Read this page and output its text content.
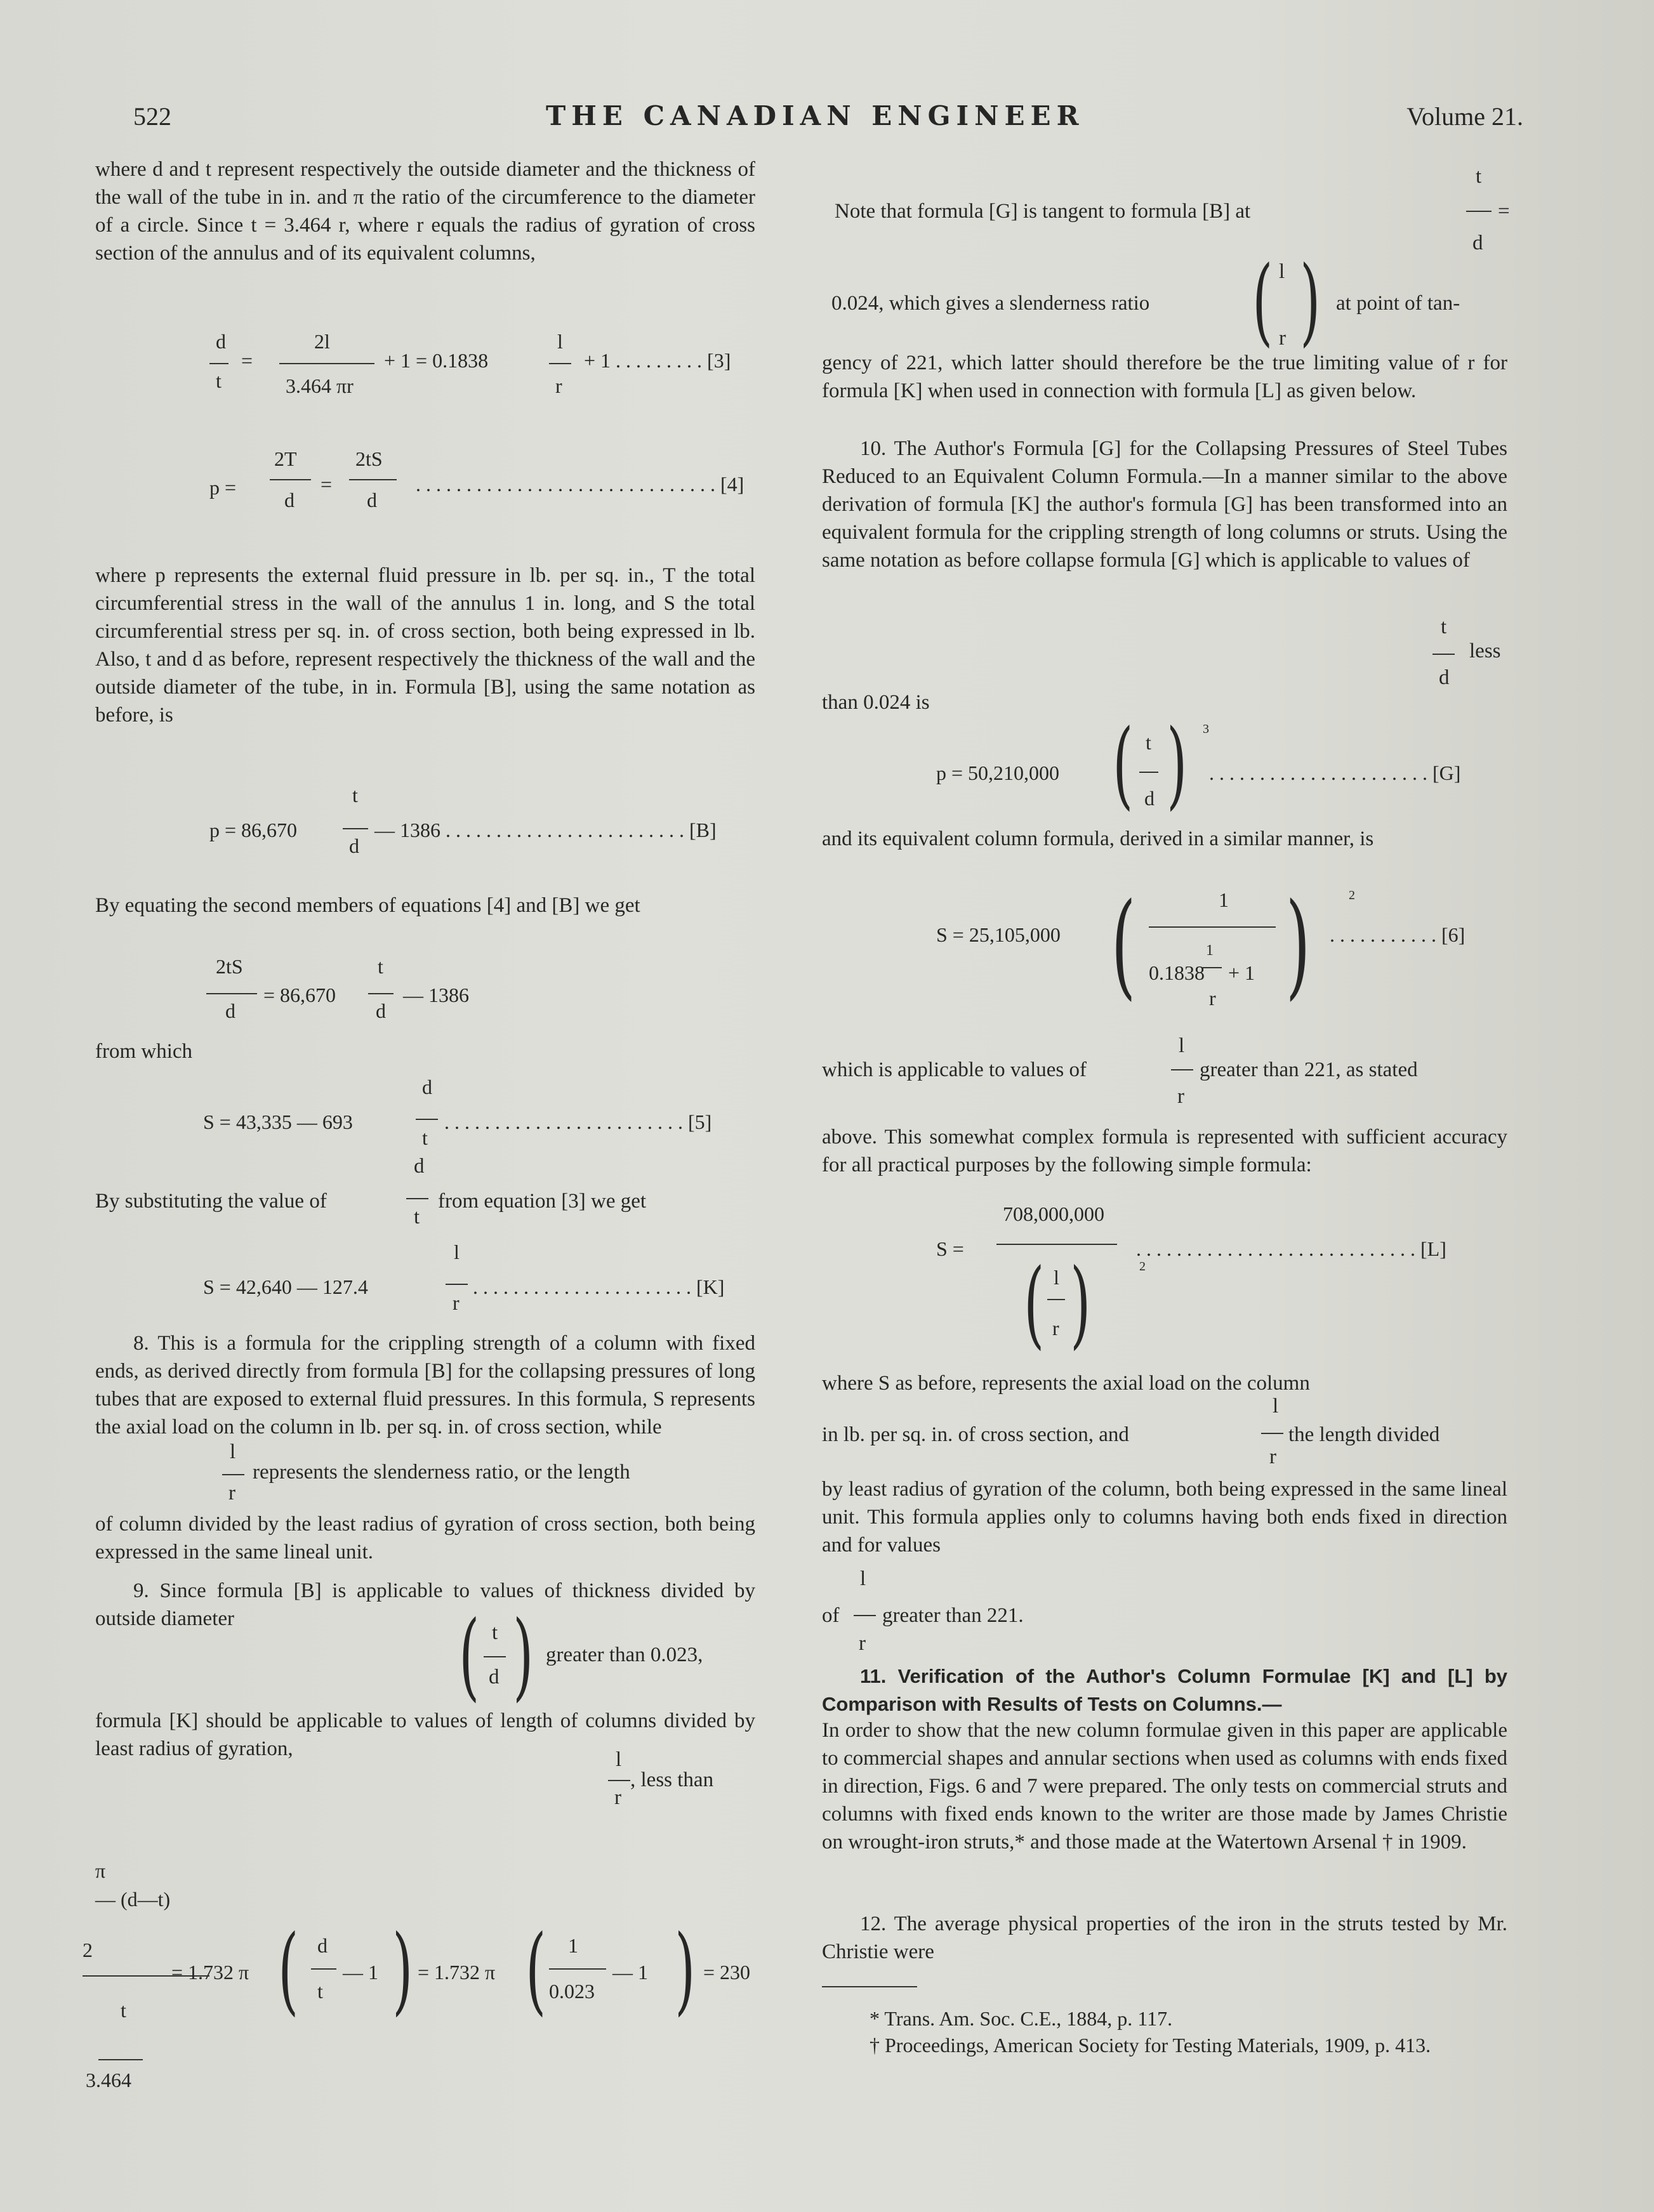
522	THE CANADIAN ENGINEER	Volume 21.

where d and t represent respectively the outside diameter and the thickness of the wall of the tube in in. and π the ratio of the circumference to the diameter of a circle. Since t = 3.464 r, where r equals the radius of gyration of cross section of the annulus and of its equivalent columns,

d
t
=
2l
3.464 πr
+ 1 = 0.1838
l
r
+ 1 . . . . . . . . . [3]
p =
2T
d
=
2tS
d
. . . . . . . . . . . . . . . . . . . . . . . . . . . . . . [4]

where p represents the external fluid pressure in lb. per sq. in., T the total circumferential stress in the wall of the annulus 1 in. long, and S the total circumferential stress per sq. in. of cross section, both being expressed in lb. Also, t and d as before, represent respectively the thickness of the wall and the outside diameter of the tube, in in. Formula [B], using the same notation as before, is

p = 86,670
t
d
— 1386 . . . . . . . . . . . . . . . . . . . . . . . . [B]

By equating the second members of equations [4] and [B] we get

2tS
d
= 86,670
t
d
— 1386

from which

S = 43,335 — 693
d
t
. . . . . . . . . . . . . . . . . . . . . . . . [5]
By substituting the value of
d
t
from equation [3] we get
S = 42,640 — 127.4
l
r
. . . . . . . . . . . . . . . . . . . . . . [K]

8. This is a formula for the crippling strength of a column with fixed ends, as derived directly from formula [B] for the collapsing pressures of long tubes that are exposed to external fluid pressures. In this formula, S represents the axial load on the column in lb. per sq. in. of cross section, while

l
r
represents the slenderness ratio, or the length

of column divided by the least radius of gyration of cross section, both being expressed in the same lineal unit.

9. Since formula [B] is applicable to values of thickness divided by outside diameter	( t
d ) greater than 0.023,

formula [K] should be applicable to values of length of columns divided by least radius of gyration,	l
r
, less than
π
— (d—t)
2
t
3.464
= 1.732 π ( d
t
— 1 ) = 1.732 π ( 1
0.023
— 1 ) = 230
Note that formula [G] is tangent to formula [B] at
t
d
=
0.024, which gives a slenderness ratio ( l
r ) at point of tan-

gency of 221, which latter should therefore be the true limiting value of r for formula [K] when used in connection with formula [L] as given below.

10. The Author's Formula [G] for the Collapsing Pressures of Steel Tubes Reduced to an Equivalent Column Formula.—In a manner similar to the above derivation of formula [K] the author's formula [G] has been transformed into an equivalent formula for the crippling strength of long columns or struts. Using the same notation as before collapse formula [G] which is applicable to values of

t
d
less

than 0.024 is

p = 50,210,000 ( t
d ) 3
. . . . . . . . . . . . . . . . . . . . . . [G]

and its equivalent column formula, derived in a similar manner, is

S = 25,105,000 (	1
1
0.1838 + 1
r )	2
. . . . . . . . . . . [6]
l
r
which is applicable to values of	greater than 221, as stated

above. This somewhat complex formula is represented with sufficient accuracy for all practical purposes by the following simple formula:

S =
708,000,000
. . . . . . . . . . . . . . . . . . . . . . . . . . . . [L]
( l
r )	2

where S as before, represents the axial load on the column

in lb. per sq. in. of cross section, and
l
r
the length divided

by least radius of gyration of the column, both being expressed in the same lineal unit. This formula applies only to columns having both ends fixed in direction and for values

of
l
r
greater than 221.

11. Verification of the Author's Column Formulae [K] and [L] by Comparison with Results of Tests on Columns.—

In order to show that the new column formulae given in this paper are applicable to commercial shapes and annular sections when used as columns with ends fixed in direction, Figs. 6 and 7 were prepared. The only tests on commercial struts and columns with fixed ends known to the writer are those made by James Christie on wrought-iron struts,* and those made at the Watertown Arsenal † in 1909.

12. The average physical properties of the iron in the struts tested by Mr. Christie were

* Trans. Am. Soc. C.E., 1884, p. 117.
† Proceedings, American Society for Testing Materials, 1909, p. 413.
